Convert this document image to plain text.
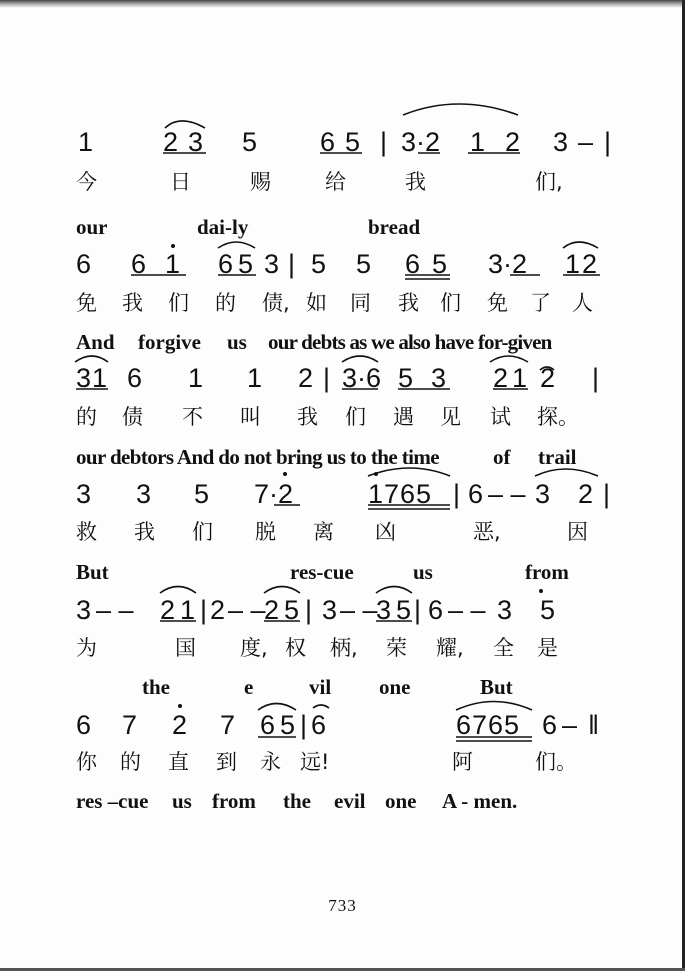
1	2 3 5 6 5 | 3·2 1 2 3 – |
今	日	赐	给	我	们,
our	dai-ly	bread
6 6 1 6 5 3 | 5 5 6 5 3·2 1 2
免 我 们 的 债, 如 同 我 们 免 了 人
And forgive us our debts as we also have for-given
3 1 6 1 1 2 | 3·6 5 3 2 1 2 |
的 债 不 叫 我 们 遇 见 试 探。
our debtors And do not bring us to the time	of trail
3 3 5 7·2	1765 | 6 – – 3 2 |
救 我 们 脱 离 凶	恶,	因
But	res-cue	us	from
3 – – 2 1 | 2 – –
2 5 | 3 – –
3 5 | 6 – – 3 5
为	国 度, 权 柄, 荣 耀, 全 是
the	e	vil one	But
6 7 2 7 6 5 | 6	6765 6 – ‖
你 的 直 到 永 远!	阿	们。
res –cue us from the evil one A - men.
733
